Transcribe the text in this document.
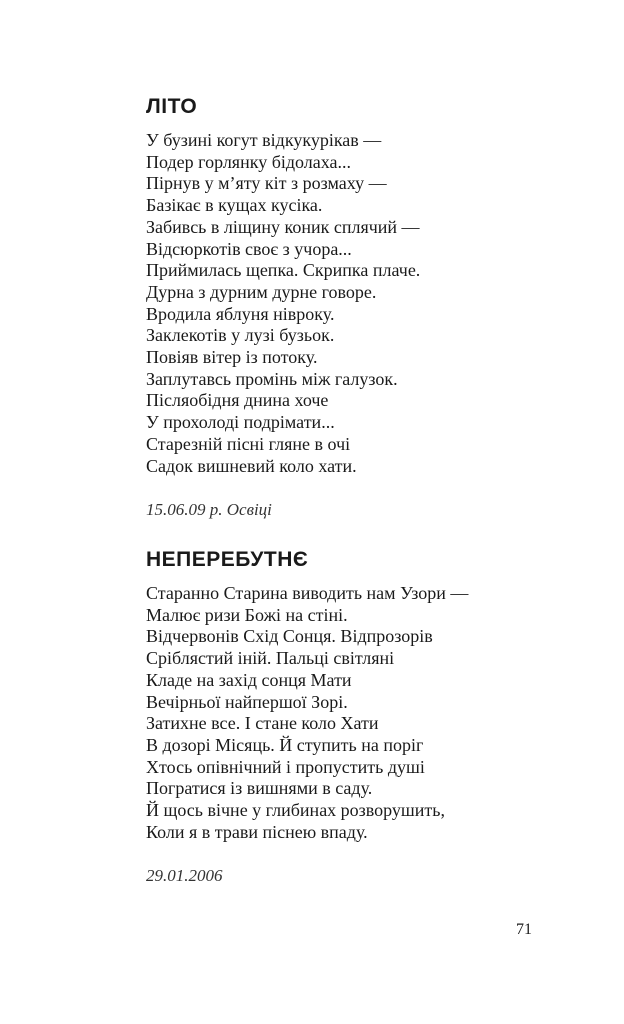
ЛІТО
У бузині когут відкукурікав —
Подер горлянку бідолаха...
Пірнув у м’яту кіт з розмаху —
Базікає в кущах кусіка.
Забивсь в ліщину коник сплячий —
Відсюркотів своє з учора...
Приймилась щепка. Скрипка плаче.
Дурна з дурним дурне говоре.
Вродила яблуня нівроку.
Заклекотів у лузі бузьок.
Повіяв вітер із потоку.
Заплутавсь промінь між галузок.
Післяобідня днина хоче
У прохолоді подрімати...
Старезній пісні гляне в очі
Садок вишневий коло хати.
15.06.09 р. Освіці
НЕПЕРЕБУТНЄ
Старанно Старина виводить нам Узори —
Малює ризи Божі на стіні.
Відчервонів Схід Сонця. Відпрозорів
Сріблястий іній. Пальці світляні
Кладе на захід сонця Мати
Вечірньої найпершої Зорі.
Затихне все. І стане коло Хати
В дозорі Місяць. Й ступить на поріг
Хтось опівнічний і пропустить душі
Погратися із вишнями в саду.
Й щось вічне у глибинах розворушить,
Коли я в трави піснею впаду.
29.01.2006
71
